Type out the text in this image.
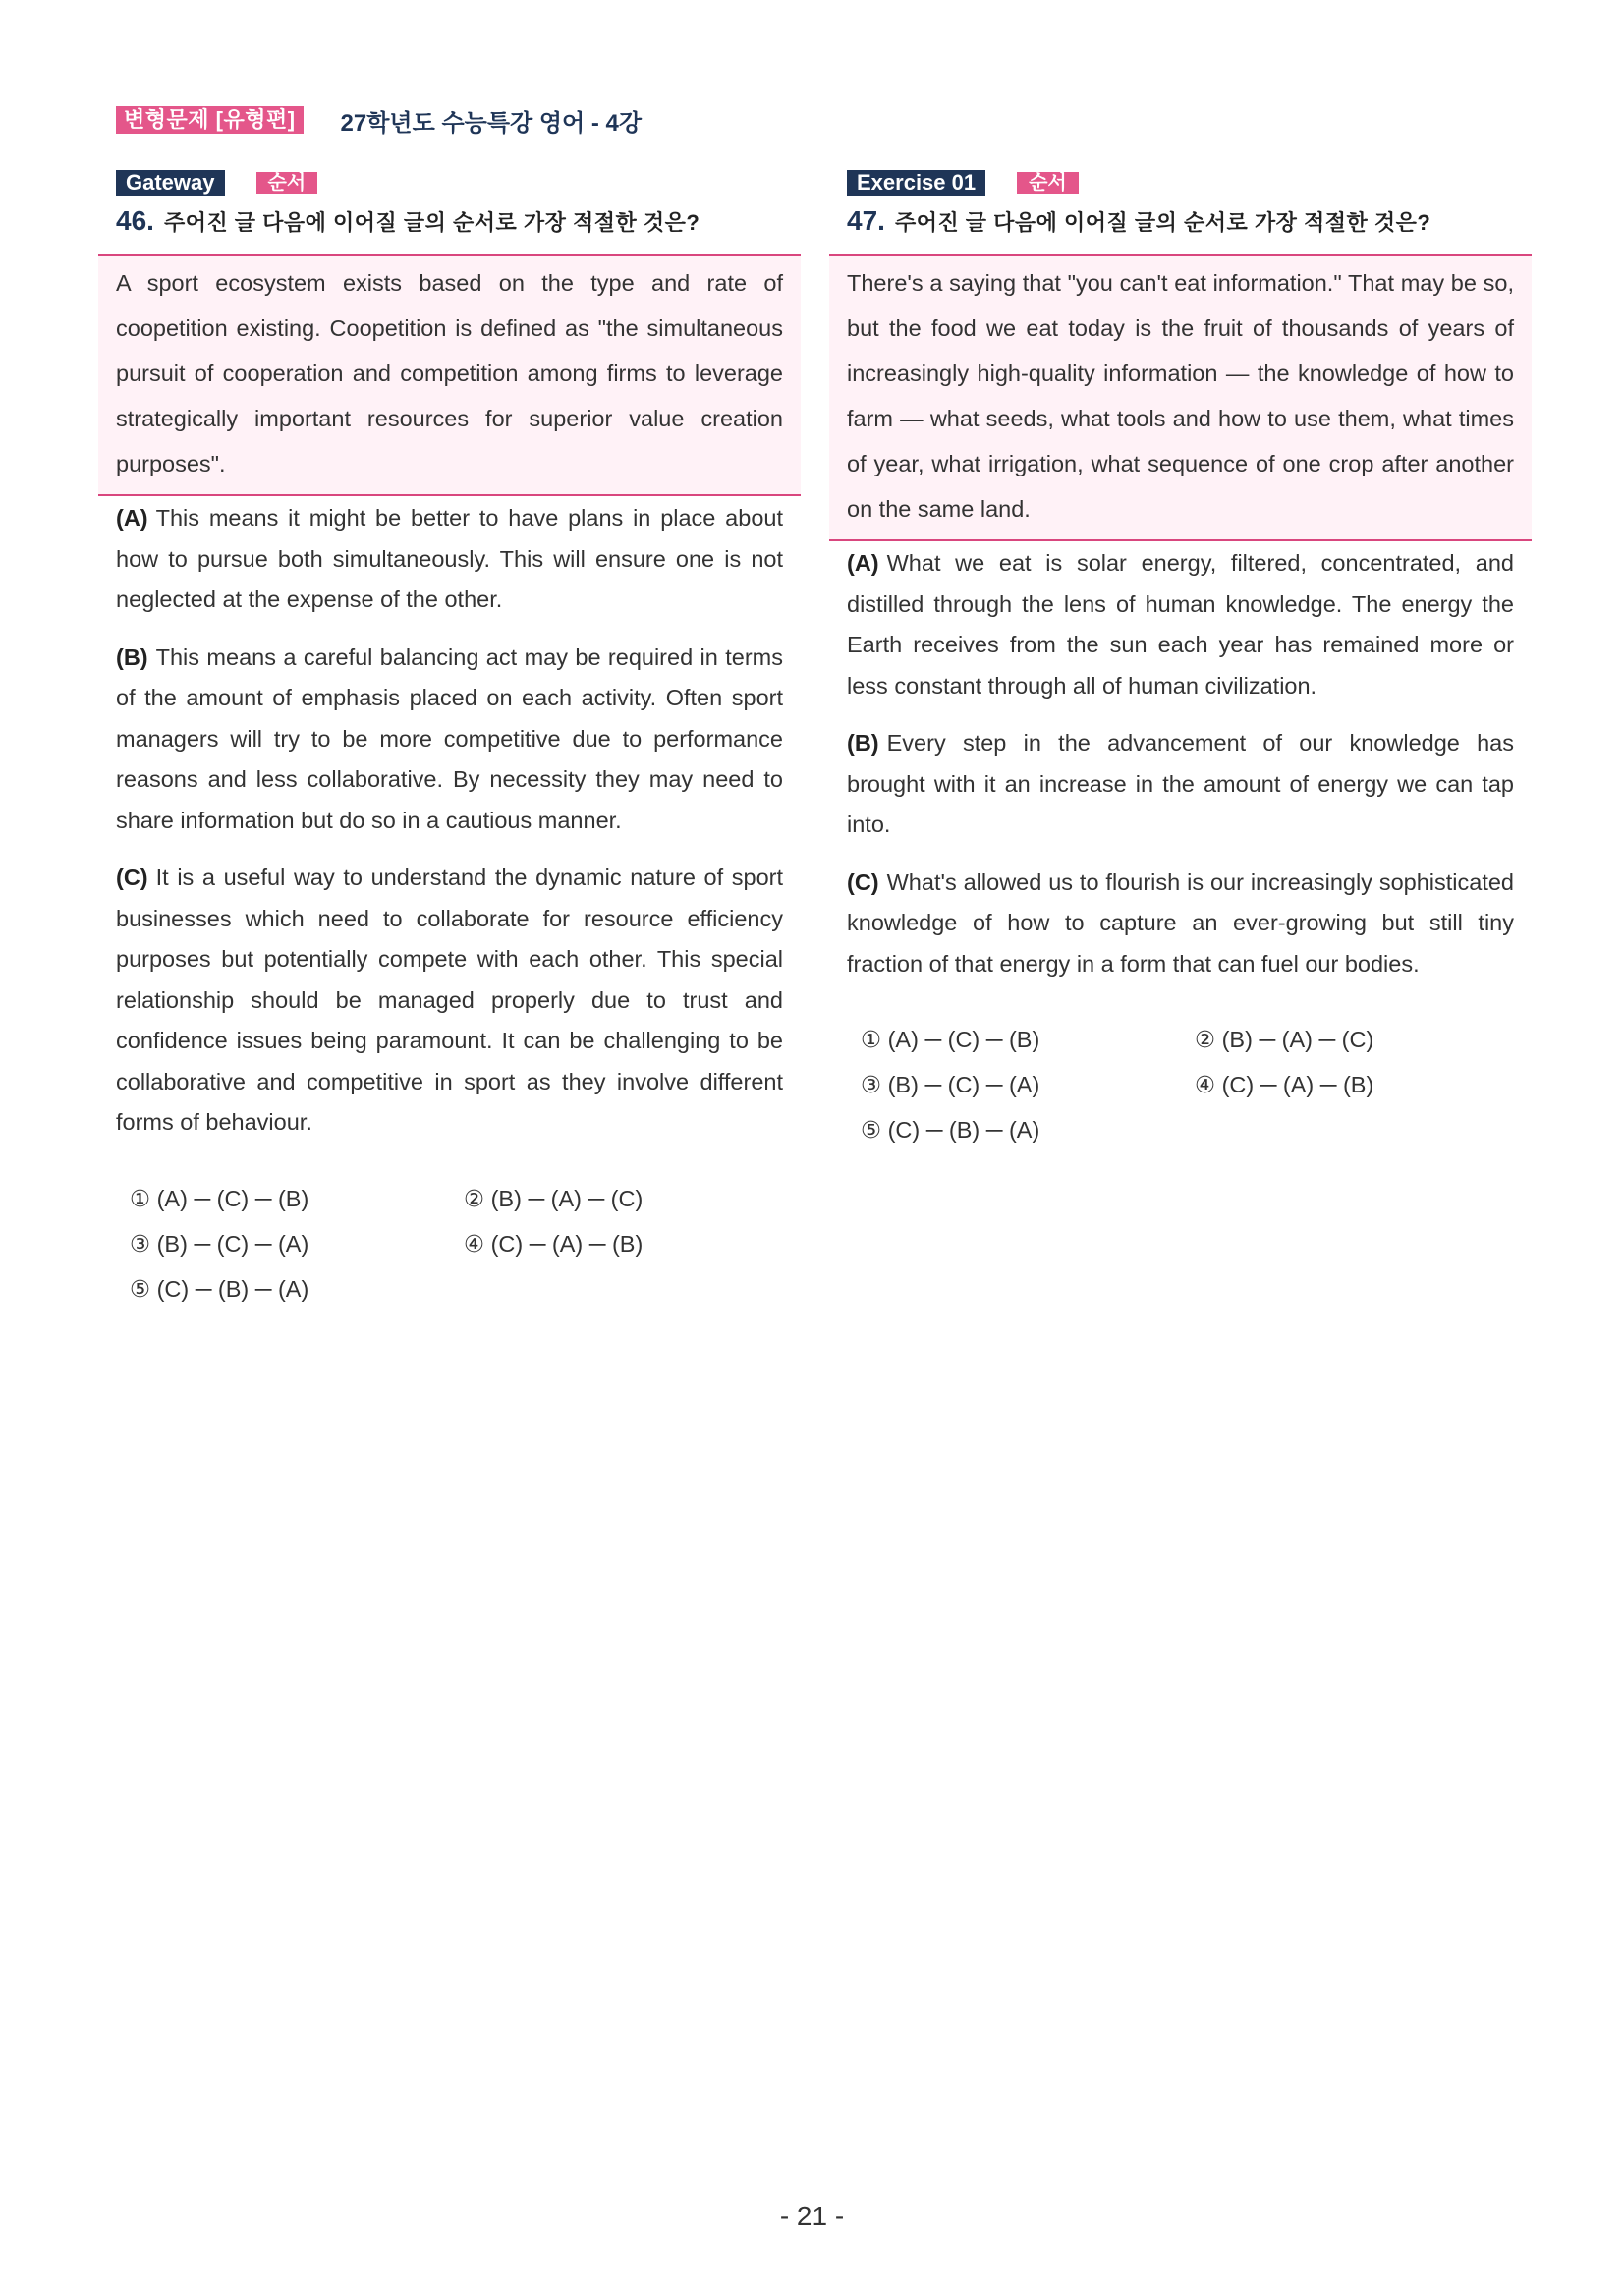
변형문제 [유형편]	27학년도 수능특강 영어 - 4강
Gateway	순서
46. 주어진 글 다음에 이어질 글의 순서로 가장 적절한 것은?
A sport ecosystem exists based on the type and rate of coopetition existing. Coopetition is defined as "the simultaneous pursuit of cooperation and competition among firms to leverage strategically important resources for superior value creation purposes".
(A) This means it might be better to have plans in place about how to pursue both simultaneously. This will ensure one is not neglected at the expense of the other.
(B) This means a careful balancing act may be required in terms of the amount of emphasis placed on each activity. Often sport managers will try to be more competitive due to performance reasons and less collaborative. By necessity they may need to share information but do so in a cautious manner.
(C) It is a useful way to understand the dynamic nature of sport businesses which need to collaborate for resource efficiency purposes but potentially compete with each other. This special relationship should be managed properly due to trust and confidence issues being paramount. It can be challenging to be collaborative and competitive in sport as they involve different forms of behaviour.
① (A) ─ (C) ─ (B)	② (B) ─ (A) ─ (C)
③ (B) ─ (C) ─ (A)	④ (C) ─ (A) ─ (B)
⑤ (C) ─ (B) ─ (A)
Exercise 01	순서
47. 주어진 글 다음에 이어질 글의 순서로 가장 적절한 것은?
There's a saying that "you can't eat information." That may be so, but the food we eat today is the fruit of thousands of years of increasingly high-quality information — the knowledge of how to farm — what seeds, what tools and how to use them, what times of year, what irrigation, what sequence of one crop after another on the same land.
(A) What we eat is solar energy, filtered, concentrated, and distilled through the lens of human knowledge. The energy the Earth receives from the sun each year has remained more or less constant through all of human civilization.
(B) Every step in the advancement of our knowledge has brought with it an increase in the amount of energy we can tap into.
(C) What's allowed us to flourish is our increasingly sophisticated knowledge of how to capture an ever-growing but still tiny fraction of that energy in a form that can fuel our bodies.
① (A) ─ (C) ─ (B)	② (B) ─ (A) ─ (C)
③ (B) ─ (C) ─ (A)	④ (C) ─ (A) ─ (B)
⑤ (C) ─ (B) ─ (A)
- 21 -
